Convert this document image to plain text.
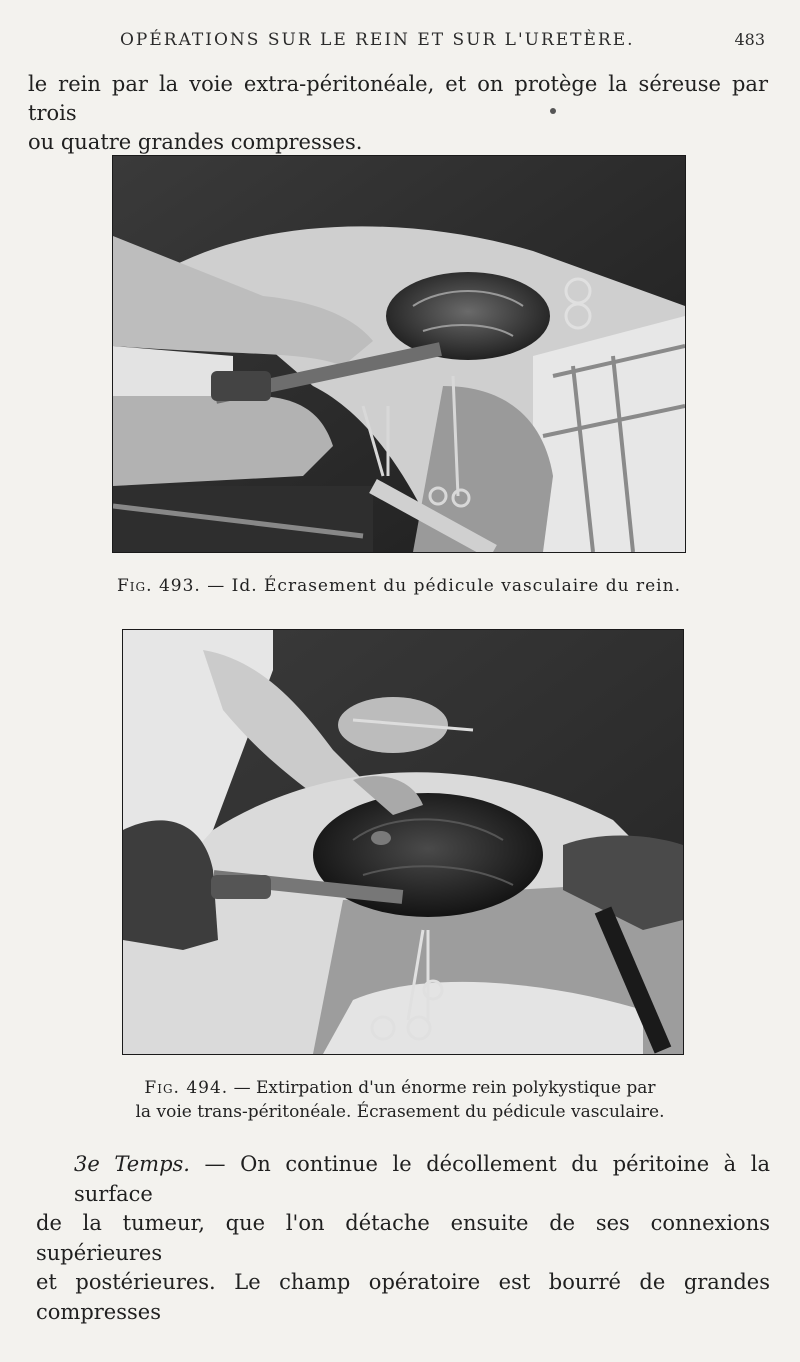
OPÉRATIONS SUR LE REIN ET SUR L'URETÈRE.	483
le rein par la voie extra-péritonéale, et on protège la séreuse par trois
ou quatre grandes compresses.
Fig. 493. — Id. Écrasement du pédicule vasculaire du rein.
Fig. 494. — Extirpation d'un énorme rein polykystique par
la voie trans-péritonéale. Écrasement du pédicule vasculaire.
3e Temps. — On continue le décollement du péritoine à la surface
de la tumeur, que l'on détache ensuite de ses connexions supérieures
et postérieures. Le champ opératoire est bourré de grandes compresses
